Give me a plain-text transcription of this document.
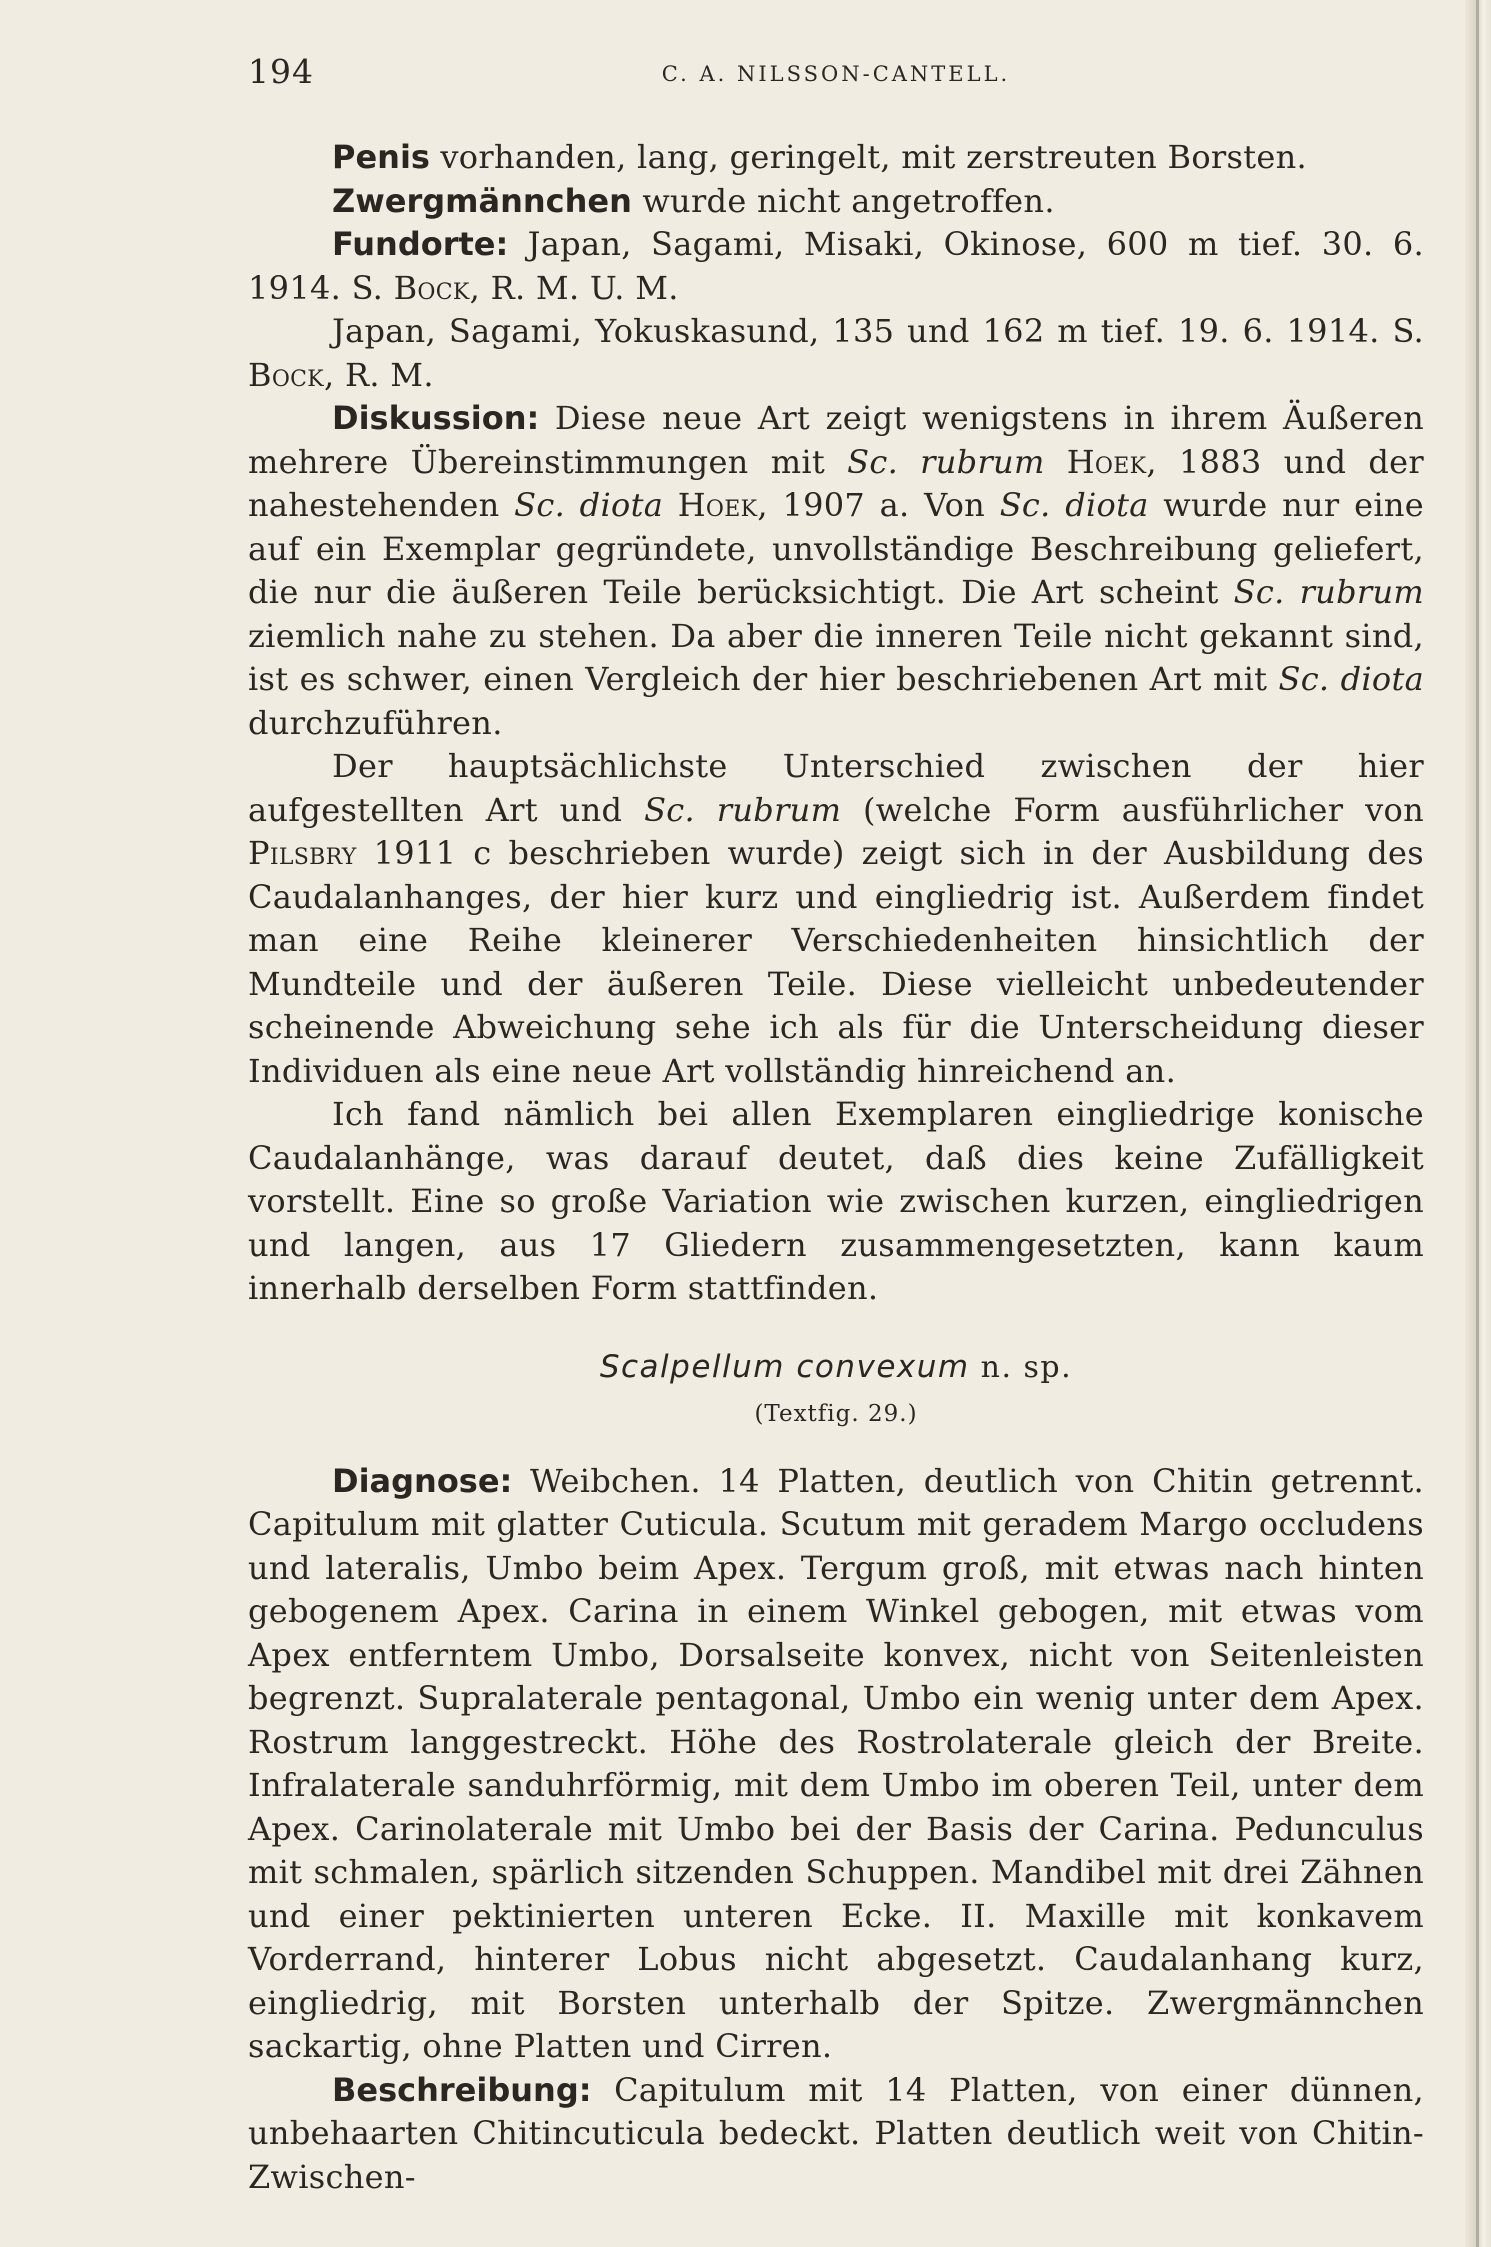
194	C. A. NILSSON-CANTELL.

Penis vorhanden, lang, geringelt, mit zerstreuten Borsten.

Zwergmännchen wurde nicht angetroffen.

Fundorte: Japan, Sagami, Misaki, Okinose, 600 m tief. 30. 6. 1914. S. Bock, R. M. U. M.

Japan, Sagami, Yokuskasund, 135 und 162 m tief. 19. 6. 1914. S. Bock, R. M.

Diskussion: Diese neue Art zeigt wenigstens in ihrem Äußeren mehrere Übereinstimmungen mit Sc. rubrum Hoek, 1883 und der nahestehenden Sc. diota Hoek, 1907 a. Von Sc. diota wurde nur eine auf ein Exemplar gegründete, unvollständige Beschreibung geliefert, die nur die äußeren Teile berücksichtigt. Die Art scheint Sc. rubrum ziemlich nahe zu stehen. Da aber die inneren Teile nicht gekannt sind, ist es schwer, einen Vergleich der hier beschriebenen Art mit Sc. diota durchzuführen.

Der hauptsächlichste Unterschied zwischen der hier aufgestellten Art und Sc. rubrum (welche Form ausführlicher von Pilsbry 1911 c beschrieben wurde) zeigt sich in der Ausbildung des Caudalanhanges, der hier kurz und eingliedrig ist. Außerdem findet man eine Reihe kleinerer Verschiedenheiten hinsichtlich der Mundteile und der äußeren Teile. Diese vielleicht unbedeutender scheinende Abweichung sehe ich als für die Unterscheidung dieser Individuen als eine neue Art vollständig hinreichend an.

Ich fand nämlich bei allen Exemplaren eingliedrige konische Caudalanhänge, was darauf deutet, daß dies keine Zufälligkeit vorstellt. Eine so große Variation wie zwischen kurzen, eingliedrigen und langen, aus 17 Gliedern zusammengesetzten, kann kaum innerhalb derselben Form stattfinden.

Scalpellum convexum n. sp.
(Textfig. 29.)

Diagnose: Weibchen. 14 Platten, deutlich von Chitin getrennt. Capitulum mit glatter Cuticula. Scutum mit geradem Margo occludens und lateralis, Umbo beim Apex. Tergum groß, mit etwas nach hinten gebogenem Apex. Carina in einem Winkel gebogen, mit etwas vom Apex entferntem Umbo, Dorsalseite konvex, nicht von Seitenleisten begrenzt. Supralaterale pentagonal, Umbo ein wenig unter dem Apex. Rostrum langgestreckt. Höhe des Rostrolaterale gleich der Breite. Infralaterale sanduhrförmig, mit dem Umbo im oberen Teil, unter dem Apex. Carinolaterale mit Umbo bei der Basis der Carina. Pedunculus mit schmalen, spärlich sitzenden Schuppen. Mandibel mit drei Zähnen und einer pektinierten unteren Ecke. II. Maxille mit konkavem Vorderrand, hinterer Lobus nicht abgesetzt. Caudalanhang kurz, eingliedrig, mit Borsten unterhalb der Spitze. Zwergmännchen sackartig, ohne Platten und Cirren.

Beschreibung: Capitulum mit 14 Platten, von einer dünnen, unbehaarten Chitincuticula bedeckt. Platten deutlich weit von Chitin-Zwischen-
